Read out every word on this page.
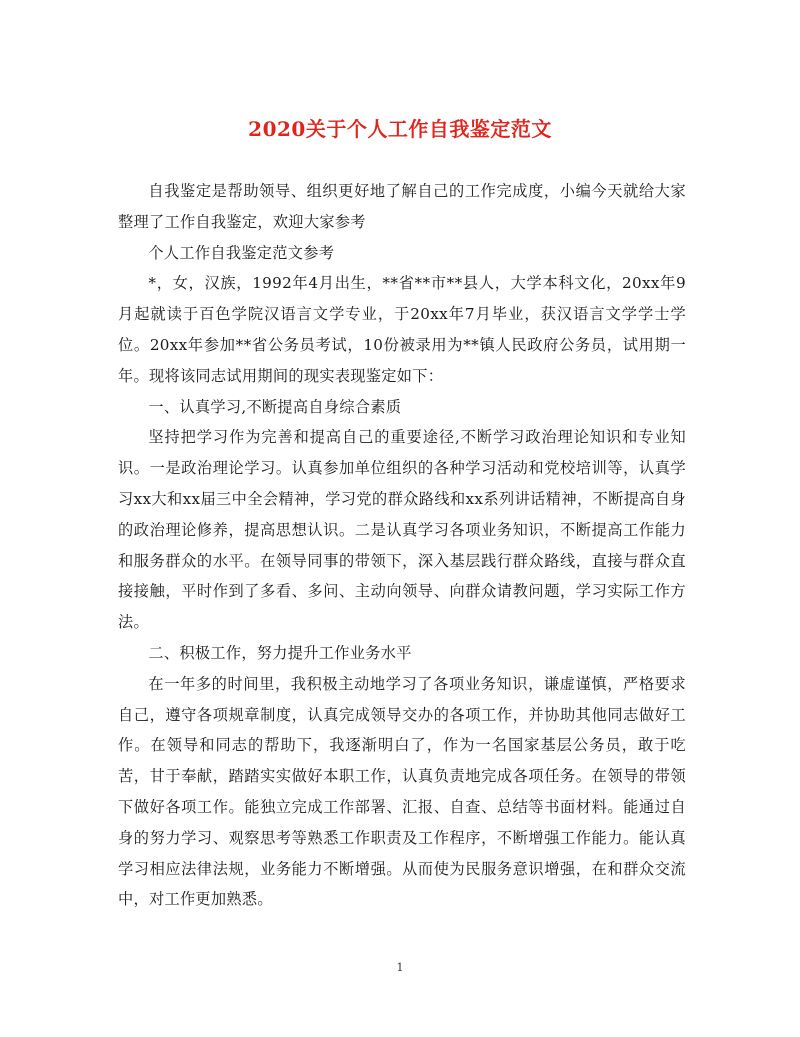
2020关于个人工作自我鉴定范文

自我鉴定是帮助领导、组织更好地了解自己的工作完成度，小编今天就给大家整理了工作自我鉴定，欢迎大家参考

个人工作自我鉴定范文参考

*，女，汉族，1992年4月出生，**省**市**县人，大学本科文化，20xx年9月起就读于百色学院汉语言文学专业，于20xx年7月毕业，获汉语言文学学士学位。20xx年参加**省公务员考试，10份被录用为**镇人民政府公务员，试用期一年。现将该同志试用期间的现实表现鉴定如下：

一、认真学习,不断提高自身综合素质

坚持把学习作为完善和提高自己的重要途径,不断学习政治理论知识和专业知识。一是政治理论学习。认真参加单位组织的各种学习活动和党校培训等，认真学习xx大和xx届三中全会精神，学习党的群众路线和xx系列讲话精神，不断提高自身的政治理论修养，提高思想认识。二是认真学习各项业务知识，不断提高工作能力和服务群众的水平。在领导同事的带领下，深入基层践行群众路线，直接与群众直接接触，平时作到了多看、多问、主动向领导、向群众请教问题，学习实际工作方法。

二、积极工作，努力提升工作业务水平

在一年多的时间里，我积极主动地学习了各项业务知识，谦虚谨慎，严格要求自己，遵守各项规章制度，认真完成领导交办的各项工作，并协助其他同志做好工作。在领导和同志的帮助下，我逐渐明白了，作为一名国家基层公务员，敢于吃苦，甘于奉献，踏踏实实做好本职工作，认真负责地完成各项任务。在领导的带领下做好各项工作。能独立完成工作部署、汇报、自查、总结等书面材料。能通过自身的努力学习、观察思考等熟悉工作职责及工作程序，不断增强工作能力。能认真学习相应法律法规，业务能力不断增强。从而使为民服务意识增强，在和群众交流中，对工作更加熟悉。

1
